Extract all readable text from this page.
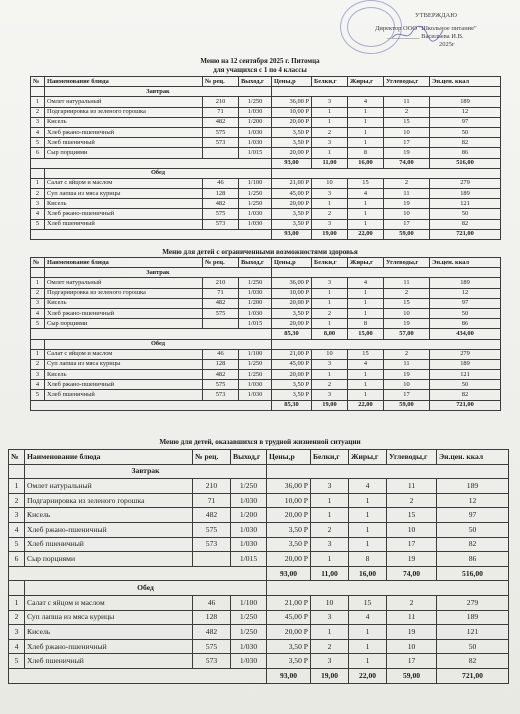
УТВЕРЖДАЮ
Директор ООО "Школьное питание"
__________ Васильева И.В.
2025г
Меню на 12 сентября 2025 г. Питомца
для учащихся с 1 по 4 классы
№	Наименование блюда	№ рец.	Выход,г	Цены,р	Белки,г	Жиры,г	Углеводы,г	Эн.цен. ккал
	Завтрак							
1	Омлет натуральный	210	1/250	36,00 Р	3	4	11	189
2	Подгарнировка из зеленого горошка	71	1/030	10,00 Р	1	1	2	12
3	Кисель	482	1/200	20,00 Р	1	1	15	97
4	Хлеб ржано-пшеничный	575	1/030	3,50 Р	2	1	10	50
5	Хлеб пшеничный	573	1/030	3,50 Р	3	1	17	82
6	Сыр порциями		1/015	20,00 Р	1	8	19	86
				93,00	11,00	16,00	74,00	516,00
	Обед							
1	Салат с яйцом и маслом	46	1/100	21,00 Р	10	15	2	279
2	Суп лапша из мяса курицы	128	1/250	45,00 Р	3	4	11	189
3	Кисель	482	1/250	20,00 Р	1	1	19	121
4	Хлеб ржано-пшеничный	575	1/030	3,50 Р	2	1	10	50
5	Хлеб пшеничный	573	1/030	3,50 Р	3	1	17	82
				93,00	19,00	22,00	59,00	721,00
Меню для детей с ограниченными возможностями здоровья
№	Наименование блюда	№ рец.	Выход,г	Цены,р	Белки,г	Жиры,г	Углеводы,г	Эн.цен. ккал
	Завтрак							
1	Омлет натуральный	210	1/250	36,00 Р	3	4	11	189
2	Подгарнировка из зеленого горошка	71	1/030	10,00 Р	1	1	2	12
3	Кисель	482	1/200	20,00 Р	1	1	15	97
4	Хлеб ржано-пшеничный	575	1/030	3,50 Р	2	1	10	50
5	Сыр порциями		1/015	20,00 Р	1	8	19	86
				85,30	8,00	15,00	57,00	434,00
	Обед							
1	Салат с яйцом и маслом	46	1/100	21,00 Р	10	15	2	279
2	Суп лапша из мяса курицы	128	1/250	45,00 Р	3	4	11	189
3	Кисель	482	1/250	20,00 Р	1	1	19	121
4	Хлеб ржано-пшеничный	575	1/030	3,50 Р	2	1	10	50
5	Хлеб пшеничный	573	1/030	3,50 Р	3	1	17	82
				85,30	19,00	22,00	59,00	721,00
Меню для детей, оказавшихся в трудной жизненной ситуации
№	Наименование блюда	№ рец.	Выход,г	Цены,р	Белки,г	Жиры,г	Углеводы,г	Эн.цен. ккал
	Завтрак							
1	Омлет натуральный	210	1/250	36,00 Р	3	4	11	189
2	Подгарнировка из зеленого горошка	71	1/030	10,00 Р	1	1	2	12
3	Кисель	482	1/200	20,00 Р	1	1	15	97
4	Хлеб ржано-пшеничный	575	1/030	3,50 Р	2	1	10	50
5	Хлеб пшеничный	573	1/030	3,50 Р	3	1	17	82
6	Сыр порциями		1/015	20,00 Р	1	8	19	86
				93,00	11,00	16,00	74,00	516,00
	Обед							
1	Салат с яйцом и маслом	46	1/100	21,00 Р	10	15	2	279
2	Суп лапша из мяса курицы	128	1/250	45,00 Р	3	4	11	189
3	Кисель	482	1/250	20,00 Р	1	1	19	121
4	Хлеб ржано-пшеничный	575	1/030	3,50 Р	2	1	10	50
5	Хлеб пшеничный	573	1/030	3,50 Р	3	1	17	82
				93,00	19,00	22,00	59,00	721,00
